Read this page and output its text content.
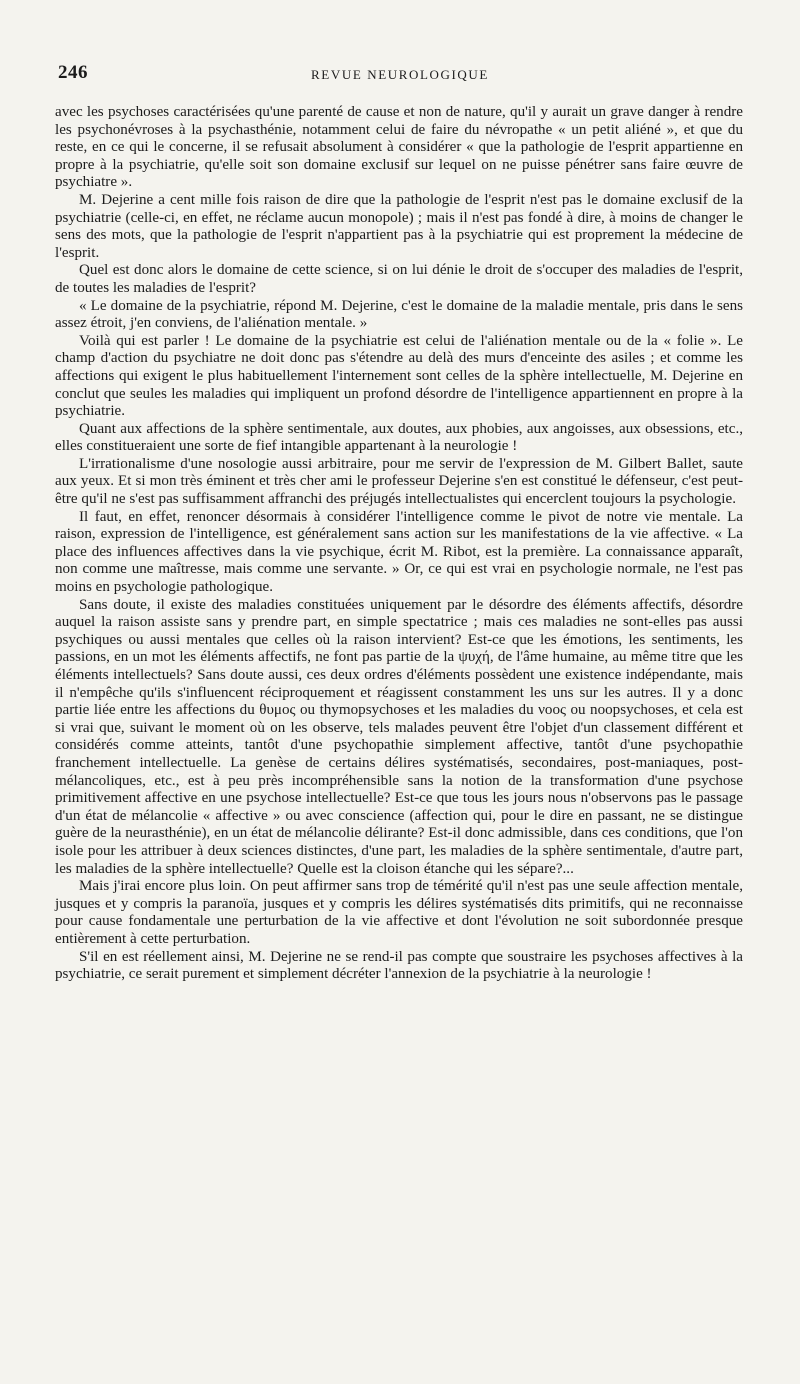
246	REVUE NEUROLOGIQUE

avec les psychoses caractérisées qu'une parenté de cause et non de nature, qu'il y aurait un grave danger à rendre les psychonévroses à la psychasthénie, notamment celui de faire du névropathe « un petit aliéné », et que du reste, en ce qui le concerne, il se refusait absolument à considérer « que la pathologie de l'esprit appartienne en propre à la psychiatrie, qu'elle soit son domaine exclusif sur lequel on ne puisse pénétrer sans faire œuvre de psychiatre ».

M. Dejerine a cent mille fois raison de dire que la pathologie de l'esprit n'est pas le domaine exclusif de la psychiatrie (celle-ci, en effet, ne réclame aucun monopole) ; mais il n'est pas fondé à dire, à moins de changer le sens des mots, que la pathologie de l'esprit n'appartient pas à la psychiatrie qui est proprement la médecine de l'esprit.

Quel est donc alors le domaine de cette science, si on lui dénie le droit de s'occuper des maladies de l'esprit, de toutes les maladies de l'esprit?

« Le domaine de la psychiatrie, répond M. Dejerine, c'est le domaine de la maladie mentale, pris dans le sens assez étroit, j'en conviens, de l'aliénation mentale. »

Voilà qui est parler ! Le domaine de la psychiatrie est celui de l'aliénation mentale ou de la « folie ». Le champ d'action du psychiatre ne doit donc pas s'étendre au delà des murs d'enceinte des asiles ; et comme les affections qui exigent le plus habituellement l'internement sont celles de la sphère intellectuelle, M. Dejerine en conclut que seules les maladies qui impliquent un profond désordre de l'intelligence appartiennent en propre à la psychiatrie.

Quant aux affections de la sphère sentimentale, aux doutes, aux phobies, aux angoisses, aux obsessions, etc., elles constitueraient une sorte de fief intangible appartenant à la neurologie !

L'irrationalisme d'une nosologie aussi arbitraire, pour me servir de l'expression de M. Gilbert Ballet, saute aux yeux. Et si mon très éminent et très cher ami le professeur Dejerine s'en est constitué le défenseur, c'est peut-être qu'il ne s'est pas suffisamment affranchi des préjugés intellectualistes qui encerclent toujours la psychologie.

Il faut, en effet, renoncer désormais à considérer l'intelligence comme le pivot de notre vie mentale. La raison, expression de l'intelligence, est généralement sans action sur les manifestations de la vie affective. « La place des influences affectives dans la vie psychique, écrit M. Ribot, est la première. La connaissance apparaît, non comme une maîtresse, mais comme une servante. » Or, ce qui est vrai en psychologie normale, ne l'est pas moins en psychologie pathologique.

Sans doute, il existe des maladies constituées uniquement par le désordre des éléments affectifs, désordre auquel la raison assiste sans y prendre part, en simple spectatrice ; mais ces maladies ne sont-elles pas aussi psychiques ou aussi mentales que celles où la raison intervient? Est-ce que les émotions, les sentiments, les passions, en un mot les éléments affectifs, ne font pas partie de la ψυχή, de l'âme humaine, au même titre que les éléments intellectuels? Sans doute aussi, ces deux ordres d'éléments possèdent une existence indépendante, mais il n'empêche qu'ils s'influencent réciproquement et réagissent constamment les uns sur les autres. Il y a donc partie liée entre les affections du θυμος ou thymopsychoses et les maladies du νοος ou noopsychoses, et cela est si vrai que, suivant le moment où on les observe, tels malades peuvent être l'objet d'un classement différent et considérés comme atteints, tantôt d'une psychopathie simplement affective, tantôt d'une psychopathie franchement intellectuelle. La genèse de certains délires systématisés, secondaires, post-maniaques, post-mélancoliques, etc., est à peu près incompréhensible sans la notion de la transformation d'une psychose primitivement affective en une psychose intellectuelle? Est-ce que tous les jours nous n'observons pas le passage d'un état de mélancolie « affective » ou avec conscience (affection qui, pour le dire en passant, ne se distingue guère de la neurasthénie), en un état de mélancolie délirante? Est-il donc admissible, dans ces conditions, que l'on isole pour les attribuer à deux sciences distinctes, d'une part, les maladies de la sphère sentimentale, d'autre part, les maladies de la sphère intellectuelle? Quelle est la cloison étanche qui les sépare?...

Mais j'irai encore plus loin. On peut affirmer sans trop de témérité qu'il n'est pas une seule affection mentale, jusques et y compris la paranoïa, jusques et y compris les délires systématisés dits primitifs, qui ne reconnaisse pour cause fondamentale une perturbation de la vie affective et dont l'évolution ne soit subordonnée presque entièrement à cette perturbation.

S'il en est réellement ainsi, M. Dejerine ne se rend-il pas compte que soustraire les psychoses affectives à la psychiatrie, ce serait purement et simplement décréter l'annexion de la psychiatrie à la neurologie !
